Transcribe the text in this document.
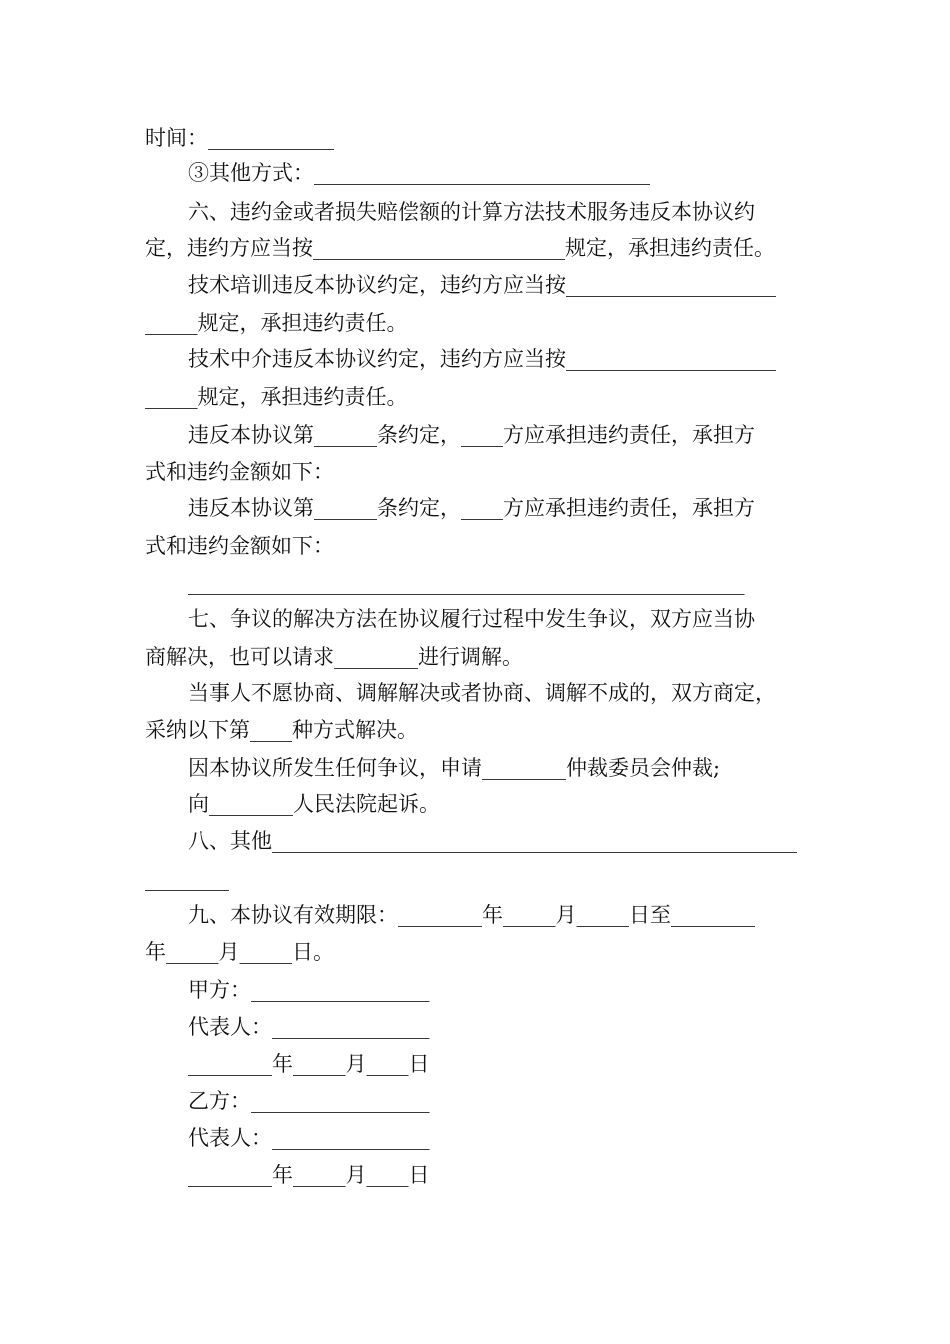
时间：____________
③其他方式：________________________________
六、违约金或者损失赔偿额的计算方法技术服务违反本协议约
定，违约方应当按________________________规定，承担违约责任。
技术培训违反本协议约定，违约方应当按____________________
_____规定，承担违约责任。
技术中介违反本协议约定，违约方应当按____________________
_____规定，承担违约责任。
违反本协议第______条约定，____方应承担违约责任，承担方
式和违约金额如下：
违反本协议第______条约定，____方应承担违约责任，承担方
式和违约金额如下：
_____________________________________________________
七、争议的解决方法在协议履行过程中发生争议，双方应当协
商解决，也可以请求________进行调解。
当事人不愿协商、调解解决或者协商、调解不成的，双方商定，
采纳以下第____种方式解决。
因本协议所发生任何争议，申请________仲裁委员会仲裁;
向________人民法院起诉。
八、其他__________________________________________________
________
九、本协议有效期限：________年_____月_____日至________
年_____月_____日。
甲方：_________________
代表人：_______________
________年_____月____日
乙方：_________________
代表人：_______________
________年_____月____日
